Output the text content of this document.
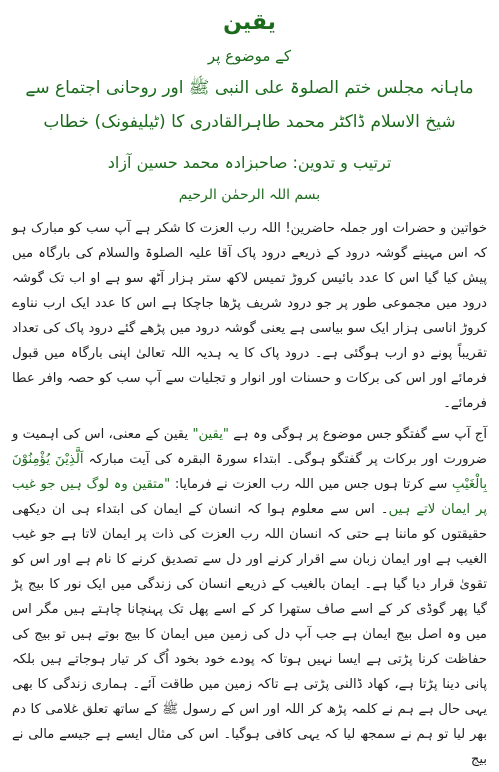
یقین
کے موضوع پر
ماہانہ مجلس ختم الصلوۃ علی النبی ﷺ اور روحانی اجتماع سے
شیخ الاسلام ڈاکٹر محمد طاہرالقادری کا (ٹیلیفونک) خطاب
ترتیب و تدوین: صاحبزادہ محمد حسین آزاد
بسم اللہ الرحمٰن الرحیم

خواتین و حضرات اور جملہ حاضرین! اللہ رب العزت کا شکر ہے آپ سب کو مبارک ہو کہ اس مہینے گوشہ درود کے ذریعے درود پاک آقا علیہ الصلوۃ والسلام کی بارگاہ میں پیش کیا گیا اس کا عدد بائیس کروڑ تمیس لاکھ ستر ہزار آٹھ سو ہے او اب تک گوشہ درود میں مجموعی طور پر جو درود شریف پڑھا جاچکا ہے اس کا عدد ایک ارب نناوے کروڑ اناسی ہزار ایک سو بیاسی ہے یعنی گوشہ درود میں پڑھے گئے درود پاک کی تعداد تقریباً پونے دو ارب ہوگئی ہے۔ درود پاک کا یہ ہدیہ اللہ تعالیٰ اپنی بارگاہ میں قبول فرمائے اور اس کی برکات و حسنات اور انوار و تجلیات سے آپ سب کو حصہ وافر عطا فرمائے۔

آج آپ سے گفتگو جس موضوع پر ہوگی وہ ہے "یقین" یقین کے معنی، اس کی اہمیت و ضرورت اور برکات پر گفتگو ہوگی۔ ابتداء سورۃ البقرہ کی آیت مبارکہ اَلَّذِيْنَ يُؤْمِنُوْنَ بِالْغَيْبِ سے کرتا ہوں جس میں اللہ رب العزت نے فرمایا: "متقین وہ لوگ ہیں جو غیب پر ایمان لاتے ہیں۔ اس سے معلوم ہوا کہ انسان کے ایمان کی ابتداء ہی ان دیکھی حقیقتوں کو ماننا ہے حتی کہ انسان اللہ رب العزت کی ذات پر ایمان لاتا ہے جو غیب الغیب ہے اور ایمان زبان سے اقرار کرنے اور دل سے تصدیق کرنے کا نام ہے اور اس کو تقویٰ قرار دیا گیا ہے۔ ایمان بالغیب کے ذریعے انسان کی زندگی میں ایک نور کا بیج پڑ گیا پھر گوڈی کر کے اسے صاف ستھرا کر کے اسے پھل تک پہنچانا چاہتے ہیں مگر اس میں وہ اصل بیج ایمان ہے جب آپ دل کی زمین میں ایمان کا بیج بوتے ہیں تو بیج کی حفاظت کرنا پڑتی ہے ایسا نہیں ہوتا کہ پودے خود بخود اُگ کر تیار ہوجاتے ہیں بلکہ پانی دینا پڑتا ہے، کھاد ڈالنی پڑتی ہے تاکہ زمین میں طاقت آئے۔ ہماری زندگی کا بھی یہی حال ہے ہم نے کلمہ پڑھ کر اللہ اور اس کے رسول ﷺ کے ساتھ تعلق غلامی کا دم بھر لیا تو ہم نے سمجھ لیا کہ یہی کافی ہوگیا۔ اس کی مثال ایسے ہے جیسے مالی نے بیج
